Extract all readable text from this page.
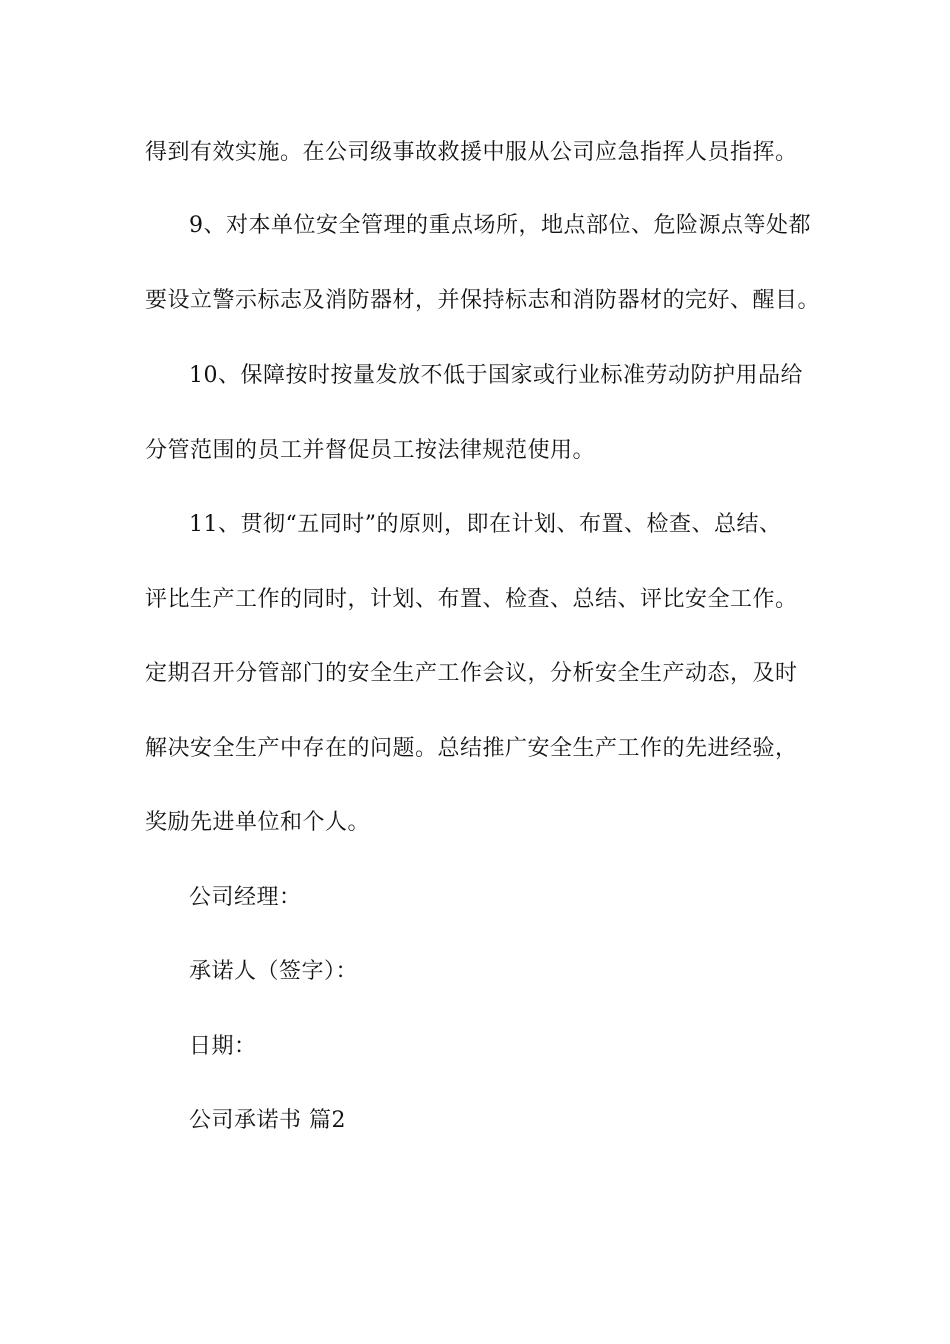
得到有效实施。在公司级事故救援中服从公司应急指挥人员指挥。
9、对本单位安全管理的重点场所，地点部位、危险源点等处都
要设立警示标志及消防器材，并保持标志和消防器材的完好、醒目。
10、保障按时按量发放不低于国家或行业标准劳动防护用品给
分管范围的员工并督促员工按法律规范使用。
11、贯彻“五同时”的原则，即在计划、布置、检查、总结、
评比生产工作的同时，计划、布置、检查、总结、评比安全工作。
定期召开分管部门的安全生产工作会议，分析安全生产动态，及时
解决安全生产中存在的问题。总结推广安全生产工作的先进经验，
奖励先进单位和个人。
公司经理：
承诺人（签字）：
日期：
公司承诺书 篇2
